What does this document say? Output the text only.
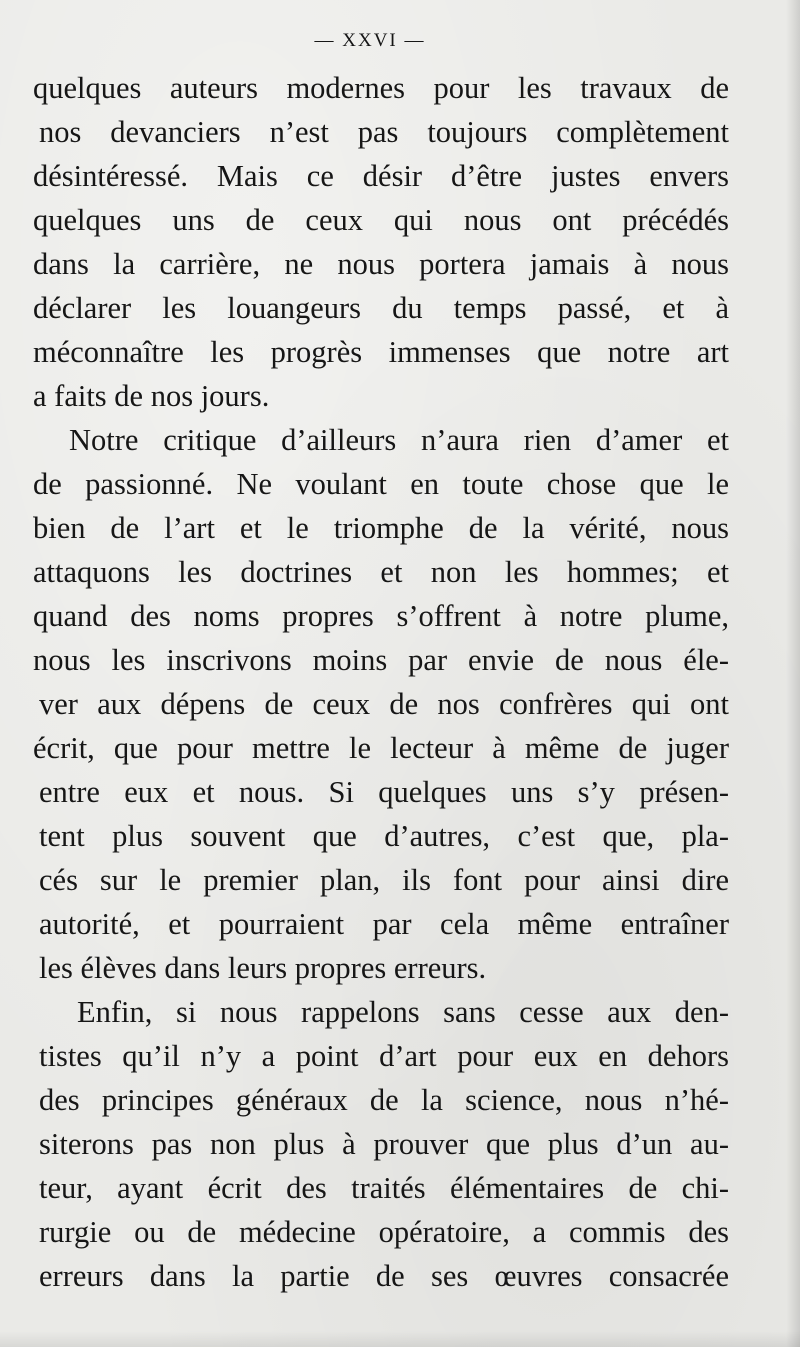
— XXVI —
quelques auteurs modernes pour les travaux de
nos devanciers n’est pas toujours complètement
désintéressé. Mais ce désir d’être justes envers
quelques uns de ceux qui nous ont précédés
dans la carrière, ne nous portera jamais à nous
déclarer les louangeurs du temps passé, et à
méconnaître les progrès immenses que notre art
a faits de nos jours.
Notre critique d’ailleurs n’aura rien d’amer et
de passionné. Ne voulant en toute chose que le
bien de l’art et le triomphe de la vérité, nous
attaquons les doctrines et non les hommes; et
quand des noms propres s’offrent à notre plume,
nous les inscrivons moins par envie de nous éle-
ver aux dépens de ceux de nos confrères qui ont
écrit, que pour mettre le lecteur à même de juger
entre eux et nous. Si quelques uns s’y présen-
tent plus souvent que d’autres, c’est que, pla-
cés sur le premier plan, ils font pour ainsi dire
autorité, et pourraient par cela même entraîner
les élèves dans leurs propres erreurs.
Enfin, si nous rappelons sans cesse aux den-
tistes qu’il n’y a point d’art pour eux en dehors
des principes généraux de la science, nous n’hé-
siterons pas non plus à prouver que plus d’un au-
teur, ayant écrit des traités élémentaires de chi-
rurgie ou de médecine opératoire, a commis des
erreurs dans la partie de ses œuvres consacrée
